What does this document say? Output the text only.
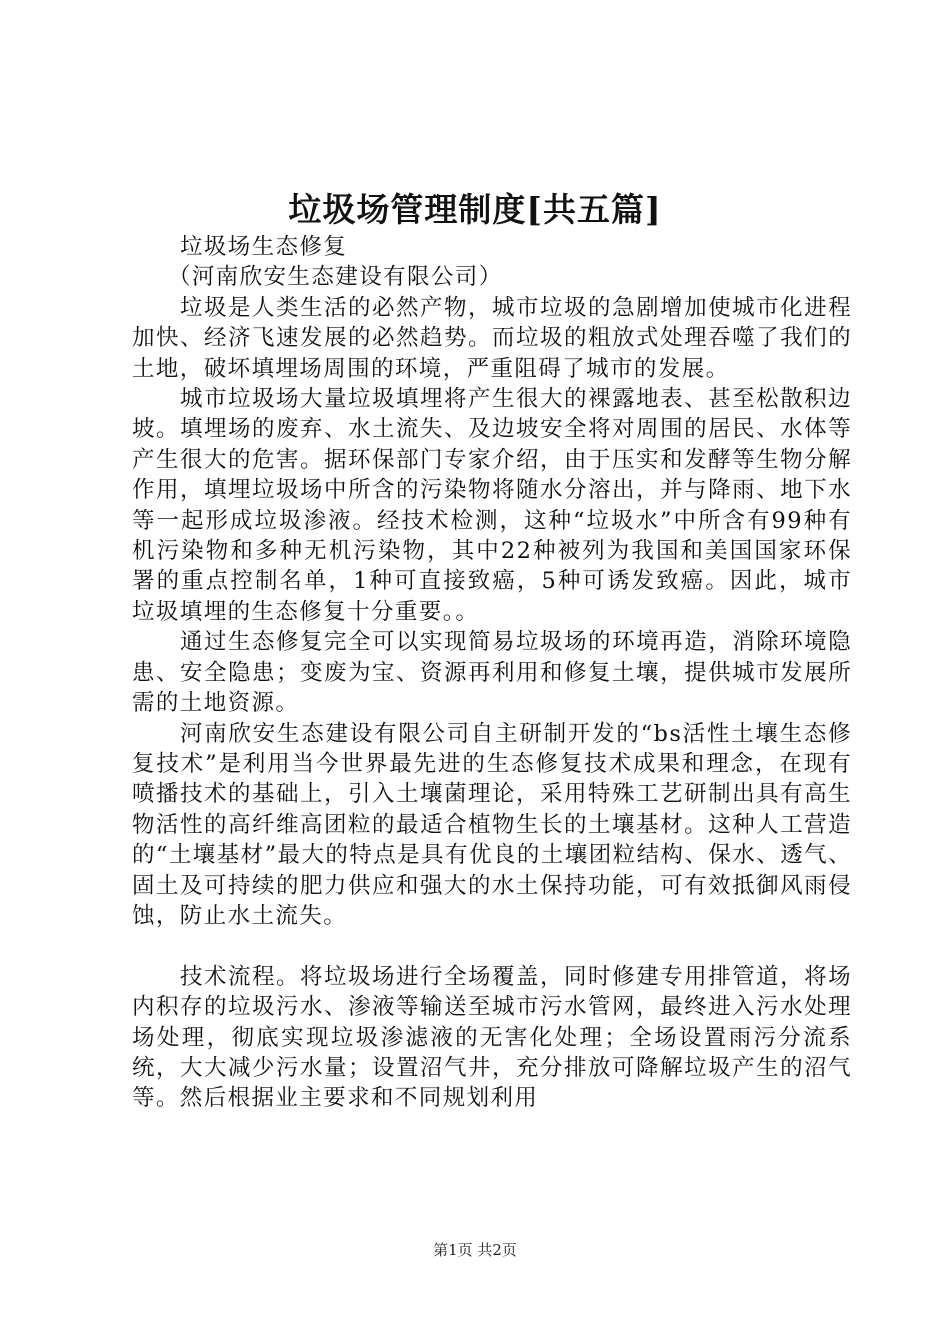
垃圾场管理制度[共五篇]

垃圾场生态修复

（河南欣安生态建设有限公司）

垃圾是人类生活的必然产物，城市垃圾的急剧增加使城市化进程加快、经济飞速发展的必然趋势。而垃圾的粗放式处理吞噬了我们的土地，破坏填埋场周围的环境，严重阻碍了城市的发展。

城市垃圾场大量垃圾填埋将产生很大的裸露地表、甚至松散积边坡。填埋场的废弃、水土流失、及边坡安全将对周围的居民、水体等产生很大的危害。据环保部门专家介绍，由于压实和发酵等生物分解作用，填埋垃圾场中所含的污染物将随水分溶出，并与降雨、地下水等一起形成垃圾渗液。经技术检测，这种“垃圾水”中所含有99种有机污染物和多种无机污染物，其中22种被列为我国和美国国家环保署的重点控制名单，1种可直接致癌，5种可诱发致癌。因此，城市垃圾填埋的生态修复十分重要。。

通过生态修复完全可以实现简易垃圾场的环境再造，消除环境隐患、安全隐患；变废为宝、资源再利用和修复土壤，提供城市发展所需的土地资源。

河南欣安生态建设有限公司自主研制开发的“bs活性土壤生态修复技术”是利用当今世界最先进的生态修复技术成果和理念，在现有喷播技术的基础上，引入土壤菌理论，采用特殊工艺研制出具有高生物活性的高纤维高团粒的最适合植物生长的土壤基材。这种人工营造的“土壤基材”最大的特点是具有优良的土壤团粒结构、保水、透气、固土及可持续的肥力供应和强大的水土保持功能，可有效抵御风雨侵蚀，防止水土流失。

技术流程。将垃圾场进行全场覆盖，同时修建专用排管道，将场内积存的垃圾污水、渗液等输送至城市污水管网，最终进入污水处理场处理，彻底实现垃圾渗滤液的无害化处理；全场设置雨污分流系统，大大减少污水量；设置沼气井，充分排放可降解垃圾产生的沼气等。然后根据业主要求和不同规划利用

第1页 共2页
